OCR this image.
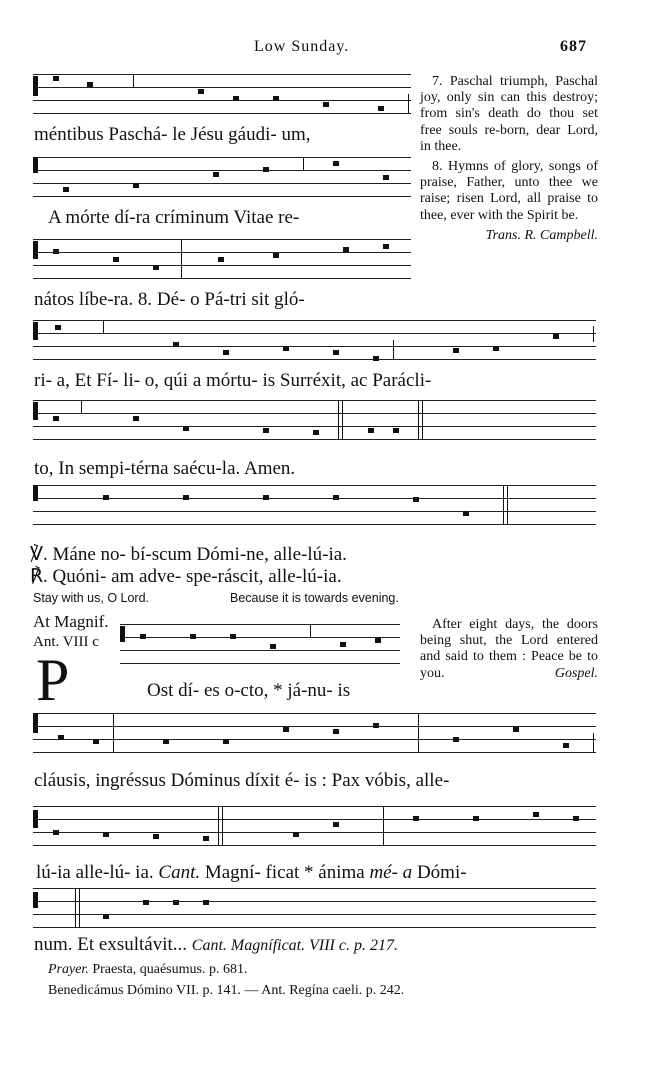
Low Sunday.	687
méntibus Paschá- le Jésu gáudi- um,
A mórte dí-ra críminum Vitae re-
nátos líbe-ra. 8. Dé- o Pá-tri sit gló-
ri- a, Et Fí- li- o, qúi a mórtu- is Surréxit, ac Parácli-
to, In sempi-térna saécu-la. Amen.
℣. Máne no- bí-scum Dómi-ne, alle-lú-ia.
℟. Quóni- am adve- spe-ráscit, alle-lú-ia.
Stay with us, O Lord.	Because it is towards evening.
At Magnif.
Ant. VIII c
P	Ost dí- es o-cto, * já-nu- is

After eight days, the doors being shut, the Lord entered and said to them : Peace be to you.	Gospel.

cláusis, ingréssus Dóminus díxit é- is : Pax vóbis, alle-
lú-ia alle-lú- ia. Cant. Magní- ficat * ánima mé- a Dómi-
num. Et exsultávit... Cant. Magníficat. VIII c. p. 217.

7. Paschal triumph, Paschal joy, only sin can this destroy; from sin's death do thou set free souls re-born, dear Lord, in thee.

8. Hymns of glory, songs of praise, Father, unto thee we raise; risen Lord, all praise to thee, ever with the Spirit be.

Trans. R. Campbell.

Prayer. Praesta, quaésumus. p. 681.
Benedicámus Dómino VII. p. 141. — Ant. Regína caeli. p. 242.
